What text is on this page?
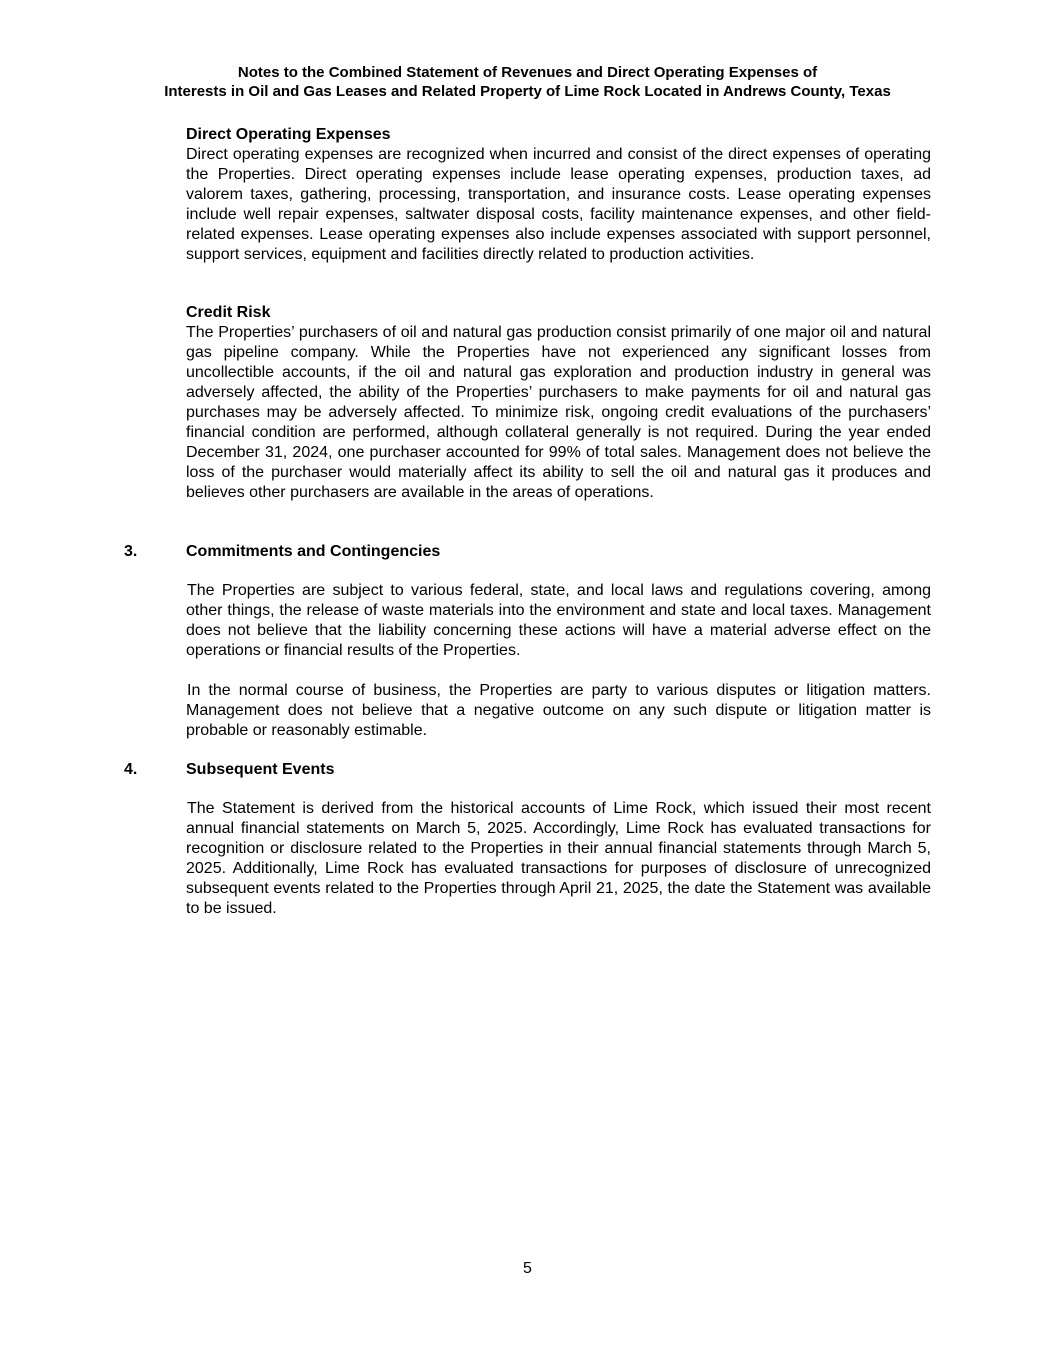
Notes to the Combined Statement of Revenues and Direct Operating Expenses of
Interests in Oil and Gas Leases and Related Property of Lime Rock Located in Andrews County, Texas

Direct Operating Expenses

Direct operating expenses are recognized when incurred and consist of the direct expenses of operating the Properties. Direct operating expenses include lease operating expenses, production taxes, ad valorem taxes, gathering, processing, transportation, and insurance costs. Lease operating expenses include well repair expenses, saltwater disposal costs, facility maintenance expenses, and other field-related expenses. Lease operating expenses also include expenses associated with support personnel, support services, equipment and facilities directly related to production activities.

Credit Risk

The Properties’ purchasers of oil and natural gas production consist primarily of one major oil and natural gas pipeline company. While the Properties have not experienced any significant losses from uncollectible accounts, if the oil and natural gas exploration and production industry in general was adversely affected, the ability of the Properties’ purchasers to make payments for oil and natural gas purchases may be adversely affected. To minimize risk, ongoing credit evaluations of the purchasers’ financial condition are performed, although collateral generally is not required. During the year ended December 31, 2024, one purchaser accounted for 99% of total sales. Management does not believe the loss of the purchaser would materially affect its ability to sell the oil and natural gas it produces and believes other purchasers are available in the areas of operations.

3.	Commitments and Contingencies

The Properties are subject to various federal, state, and local laws and regulations covering, among other things, the release of waste materials into the environment and state and local taxes. Management does not believe that the liability concerning these actions will have a material adverse effect on the operations or financial results of the Properties.

In the normal course of business, the Properties are party to various disputes or litigation matters. Management does not believe that a negative outcome on any such dispute or litigation matter is probable or reasonably estimable.

4.	Subsequent Events

The Statement is derived from the historical accounts of Lime Rock, which issued their most recent annual financial statements on March 5, 2025. Accordingly, Lime Rock has evaluated transactions for recognition or disclosure related to the Properties in their annual financial statements through March 5, 2025. Additionally, Lime Rock has evaluated transactions for purposes of disclosure of unrecognized subsequent events related to the Properties through April 21, 2025, the date the Statement was available to be issued.

5
